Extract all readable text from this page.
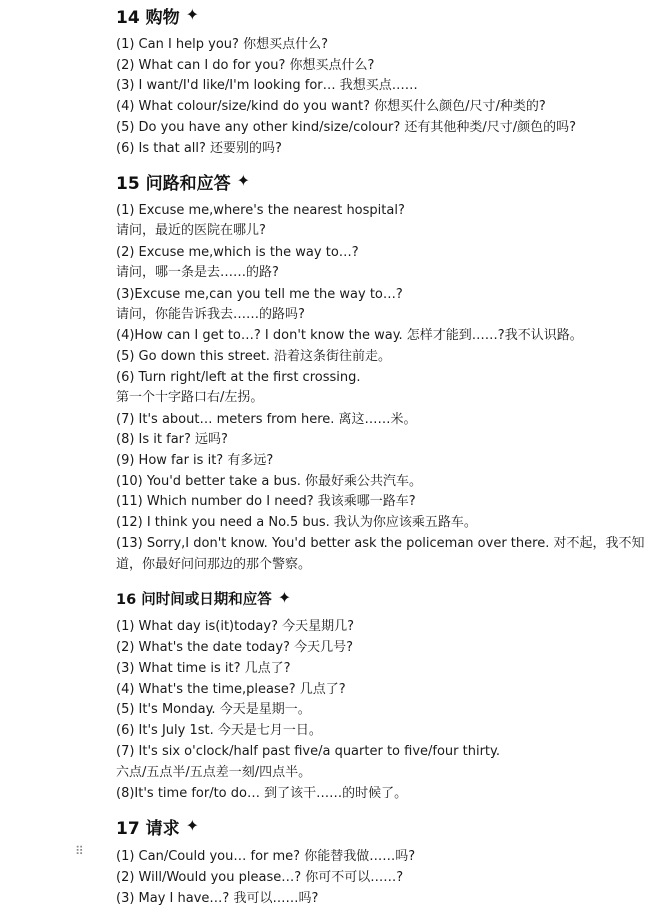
14 购物 ✦
(1) Can I help you? 你想买点什么?
(2) What can I do for you? 你想买点什么?
(3) I want/I'd like/I'm looking for… 我想买点……
(4) What colour/size/kind do you want? 你想买什么颜色/尺寸/种类的?
(5) Do you have any other kind/size/colour? 还有其他种类/尺寸/颜色的吗?
(6) Is that all? 还要别的吗?
15 问路和应答 ✦
(1) Excuse me,where's the nearest hospital?
请问，最近的医院在哪儿?
(2) Excuse me,which is the way to…?
请问，哪一条是去……的路?
(3)Excuse me,can you tell me the way to…?
请问，你能告诉我去……的路吗?
(4)How can I get to…? I don't know the way. 怎样才能到……?我不认识路。
(5) Go down this street. 沿着这条街往前走。
(6) Turn right/left at the first crossing.
第一个十字路口右/左拐。
(7) It's about… meters from here. 离这……米。
(8) Is it far? 远吗?
(9) How far is it? 有多远?
(10) You'd better take a bus. 你最好乘公共汽车。
(11) Which number do I need? 我该乘哪一路车?
(12) I think you need a No.5 bus. 我认为你应该乘五路车。
(13) Sorry,I don't know. You'd better ask the policeman over there. 对不起，我不知
道，你最好问问那边的那个警察。
16 问时间或日期和应答 ✦
(1) What day is(it)today? 今天星期几?
(2) What's the date today? 今天几号?
(3) What time is it? 几点了?
(4) What's the time,please? 几点了?
(5) It's Monday. 今天是星期一。
(6) It's July 1st. 今天是七月一日。
(7) It's six o'clock/half past five/a quarter to five/four thirty.
六点/五点半/五点差一刻/四点半。
(8)It's time for/to do… 到了该干……的时候了。
17 请求 ✦
⠿ (1) Can/Could you… for me? 你能替我做……吗?
(2) Will/Would you please…? 你可不可以……?
(3) May I have…? 我可以……吗?
